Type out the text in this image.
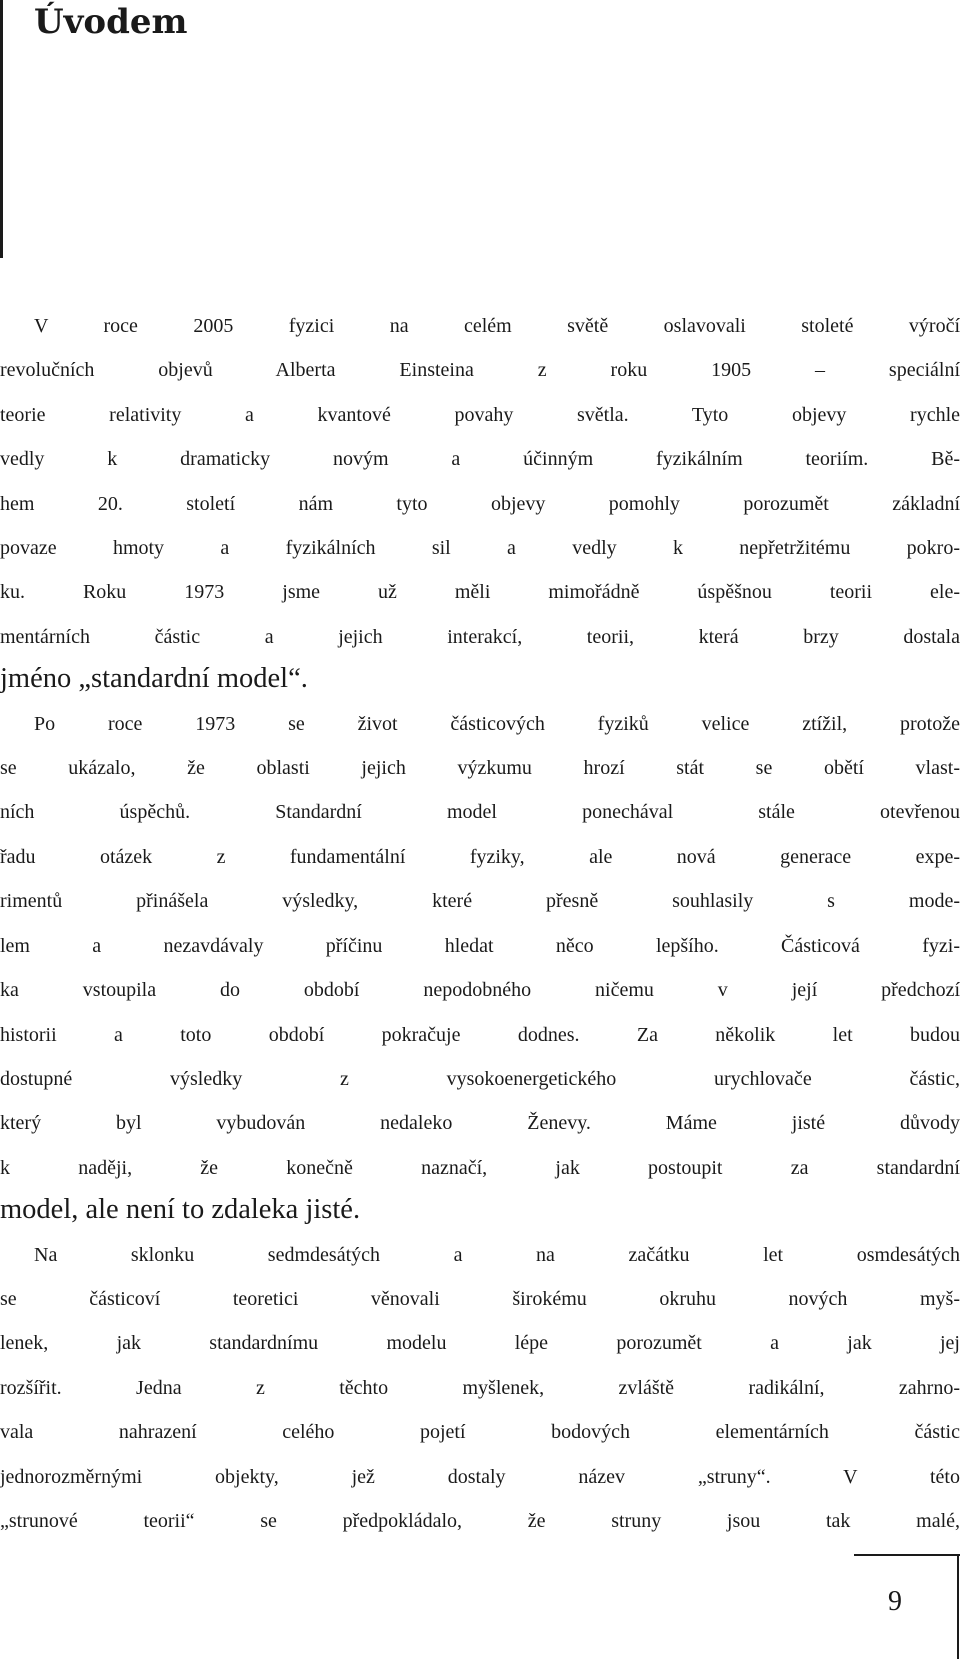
Úvodem
V roce 2005 fyzici na celém světě oslavovali stoleté výročí
revolučních objevů Alberta Einsteina z roku 1905 – speciální
teorie relativity a kvantové povahy světla. Tyto objevy rychle
vedly k dramaticky novým a účinným fyzikálním teoriím. Bě-
hem 20. století nám tyto objevy pomohly porozumět základní
povaze hmoty a fyzikálních sil a vedly k nepřetržitému pokro-
ku. Roku 1973 jsme už měli mimořádně úspěšnou teorii ele-
mentárních částic a jejich interakcí, teorii, která brzy dostala
jméno „standardní model“.
Po roce 1973 se život částicových fyziků velice ztížil, protože
se ukázalo, že oblasti jejich výzkumu hrozí stát se obětí vlast-
ních úspěchů. Standardní model ponechával stále otevřenou
řadu otázek z fundamentální fyziky, ale nová generace expe-
rimentů přinášela výsledky, které přesně souhlasily s mode-
lem a nezavdávaly příčinu hledat něco lepšího. Částicová fyzi-
ka vstoupila do období nepodobného ničemu v její předchozí
historii a toto období pokračuje dodnes. Za několik let budou
dostupné výsledky z vysokoenergetického urychlovače částic,
který byl vybudován nedaleko Ženevy. Máme jisté důvody
k naději, že konečně naznačí, jak postoupit za standardní
model, ale není to zdaleka jisté.
Na sklonku sedmdesátých a na začátku let osmdesátých
se částicoví teoretici věnovali širokému okruhu nových myš-
lenek, jak standardnímu modelu lépe porozumět a jak jej
rozšířit. Jedna z těchto myšlenek, zvláště radikální, zahrno-
vala nahrazení celého pojetí bodových elementárních částic
jednorozměrnými objekty, jež dostaly název „struny“. V této
„strunové teorii“ se předpokládalo, že struny jsou tak malé,
9
